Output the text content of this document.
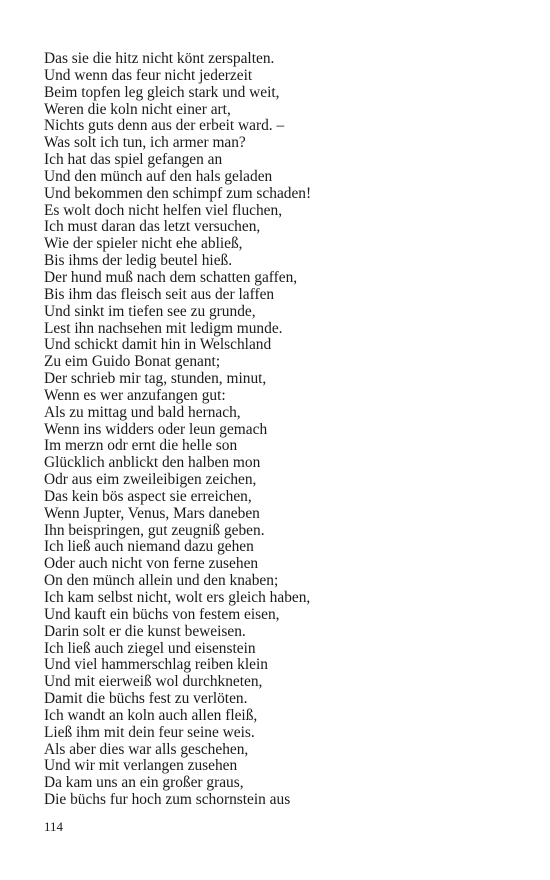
Das sie die hitz nicht könt zerspalten.
Und wenn das feur nicht jederzeit
Beim topfen leg gleich stark und weit,
Weren die koln nicht einer art,
Nichts guts denn aus der erbeit ward. –
Was solt ich tun, ich armer man?
Ich hat das spiel gefangen an
Und den münch auf den hals geladen
Und bekommen den schimpf zum schaden!
Es wolt doch nicht helfen viel fluchen,
Ich must daran das letzt versuchen,
Wie der spieler nicht ehe abließ,
Bis ihms der ledig beutel hieß.
Der hund muß nach dem schatten gaffen,
Bis ihm das fleisch seit aus der laffen
Und sinkt im tiefen see zu grunde,
Lest ihn nachsehen mit ledigm munde.
Und schickt damit hin in Welschland
Zu eim Guido Bonat genant;
Der schrieb mir tag, stunden, minut,
Wenn es wer anzufangen gut:
Als zu mittag und bald hernach,
Wenn ins widders oder leun gemach
Im merzn odr ernt die helle son
Glücklich anblickt den halben mon
Odr aus eim zweileibigen zeichen,
Das kein bös aspect sie erreichen,
Wenn Jupter, Venus, Mars daneben
Ihn beispringen, gut zeugniß geben.
Ich ließ auch niemand dazu gehen
Oder auch nicht von ferne zusehen
On den münch allein und den knaben;
Ich kam selbst nicht, wolt ers gleich haben,
Und kauft ein büchs von festem eisen,
Darin solt er die kunst beweisen.
Ich ließ auch ziegel und eisenstein
Und viel hammerschlag reiben klein
Und mit eierweiß wol durchkneten,
Damit die büchs fest zu verlöten.
Ich wandt an koln auch allen fleiß,
Ließ ihm mit dein feur seine weis.
Als aber dies war alls geschehen,
Und wir mit verlangen zusehen
Da kam uns an ein großer graus,
Die büchs fur hoch zum schornstein aus
114
